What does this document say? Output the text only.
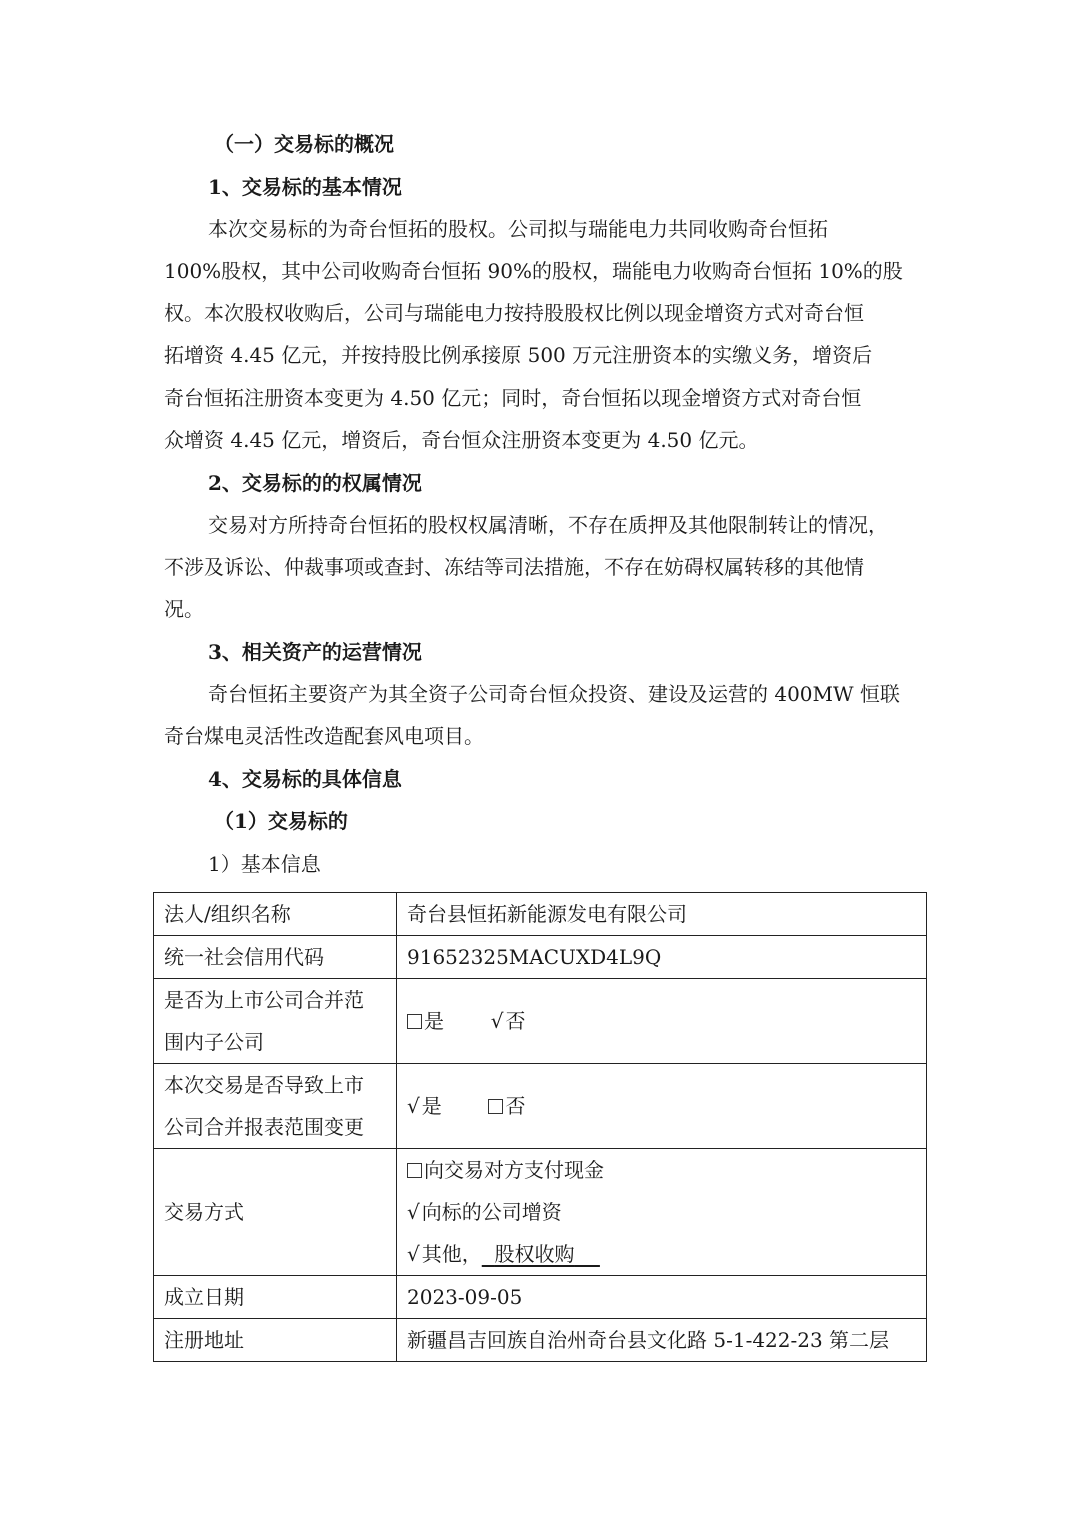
（一）交易标的概况
1、交易标的基本情况
本次交易标的为奇台恒拓的股权。公司拟与瑞能电力共同收购奇台恒拓
100%股权，其中公司收购奇台恒拓 90%的股权，瑞能电力收购奇台恒拓 10%的股
权。本次股权收购后，公司与瑞能电力按持股股权比例以现金增资方式对奇台恒
拓增资 4.45 亿元，并按持股比例承接原 500 万元注册资本的实缴义务，增资后
奇台恒拓注册资本变更为 4.50 亿元；同时，奇台恒拓以现金增资方式对奇台恒
众增资 4.45 亿元，增资后，奇台恒众注册资本变更为 4.50 亿元。
2、交易标的的权属情况
交易对方所持奇台恒拓的股权权属清晰，不存在质押及其他限制转让的情况，
不涉及诉讼、仲裁事项或查封、冻结等司法措施，不存在妨碍权属转移的其他情
况。
3、相关资产的运营情况
奇台恒拓主要资产为其全资子公司奇台恒众投资、建设及运营的 400MW 恒联
奇台煤电灵活性改造配套风电项目。
4、交易标的具体信息
（1）交易标的
1）基本信息
法人/组织名称	奇台县恒拓新能源发电有限公司
统一社会信用代码	91652325MACUXD4L9Q

是否为上市公司合并范
围内子公司	是 √ 否

本次交易是否导致上市
公司合并报表范围变更	√ 是 否
交易方式	向交易对方支付现金
√ 向标的公司增资
√ 其他， 股权收购

成立日期	2023-09-05
注册地址	新疆昌吉回族自治州奇台县文化路 5-1-422-23 第二层
